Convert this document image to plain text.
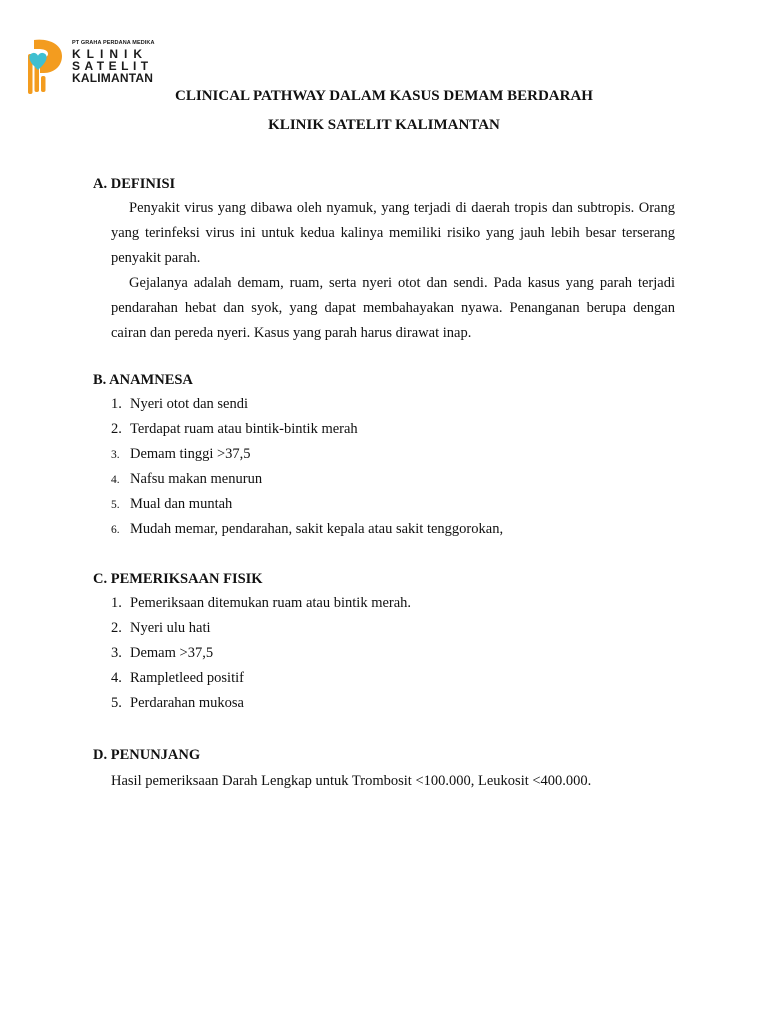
PT GRAHA PERDANA MEDIKA
KLINIK
SATELIT
KALIMANTAN
CLINICAL PATHWAY DALAM KASUS DEMAM BERDARAH
KLINIK SATELIT KALIMANTAN
A. DEFINISI

Penyakit virus yang dibawa oleh nyamuk, yang terjadi di daerah tropis dan subtropis. Orang yang terinfeksi virus ini untuk kedua kalinya memiliki risiko yang jauh lebih besar terserang penyakit parah.

Gejalanya adalah demam, ruam, serta nyeri otot dan sendi. Pada kasus yang parah terjadi pendarahan hebat dan syok, yang dapat membahayakan nyawa. Penanganan berupa dengan cairan dan pereda nyeri. Kasus yang parah harus dirawat inap.

B. ANAMNESA
1. Nyeri otot dan sendi
2. Terdapat ruam atau bintik-bintik merah
3. Demam tinggi >37,5
4. Nafsu makan menurun
5. Mual dan muntah
6. Mudah memar, pendarahan, sakit kepala atau sakit tenggorokan,
C. PEMERIKSAAN FISIK
1. Pemeriksaan ditemukan ruam atau bintik merah.
2. Nyeri ulu hati
3. Demam >37,5
4. Rampletleed positif
5. Perdarahan mukosa
D. PENUNJANG
Hasil pemeriksaan Darah Lengkap untuk Trombosit <100.000, Leukosit <400.000.
